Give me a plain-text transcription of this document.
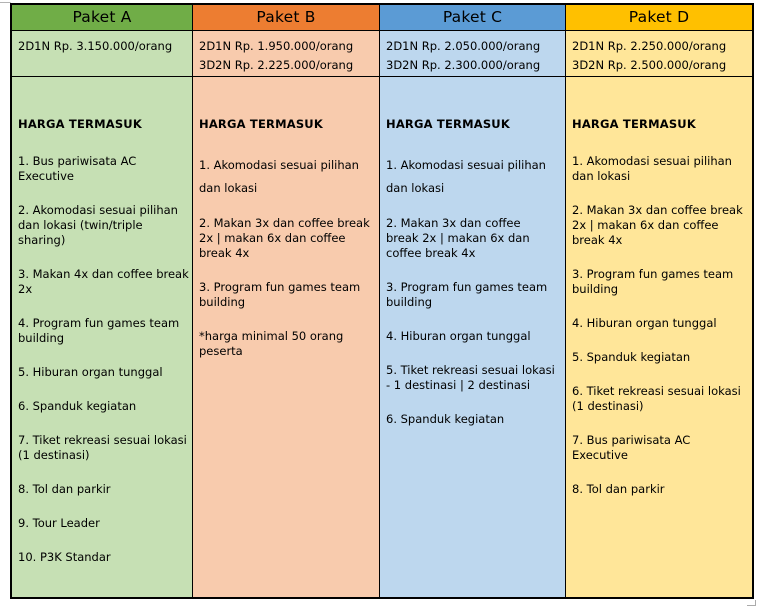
Paket A
2D1N Rp. 3.150.000/orang
HARGA TERMASUK

1. Bus pariwisata AC Executive

2. Akomodasi sesuai pilihan dan lokasi (twin/triple sharing)

3. Makan 4x dan coffee break 2x

4. Program fun games team building

5. Hiburan organ tunggal

6. Spanduk kegiatan

7. Tiket rekreasi sesuai lokasi (1 destinasi)

8. Tol dan parkir

9. Tour Leader

10. P3K Standar

Paket B
2D1N Rp. 1.950.000/orang
3D2N Rp. 2.225.000/orang
HARGA TERMASUK

1. Akomodasi sesuai pilihan dan lokasi

2. Makan 3x dan coffee break 2x | makan 6x dan coffee break 4x

3. Program fun games team building

*harga minimal 50 orang peserta

Paket C
2D1N Rp. 2.050.000/orang
3D2N Rp. 2.300.000/orang
HARGA TERMASUK

1. Akomodasi sesuai pilihan dan lokasi

2. Makan 3x dan coffee break 2x | makan 6x dan coffee break 4x

3. Program fun games team building

4. Hiburan organ tunggal

5. Tiket rekreasi sesuai lokasi - 1 destinasi | 2 destinasi

6. Spanduk kegiatan

Paket D
2D1N Rp. 2.250.000/orang
3D2N Rp. 2.500.000/orang
HARGA TERMASUK

1. Akomodasi sesuai pilihan dan lokasi

2. Makan 3x dan coffee break 2x | makan 6x dan coffee break 4x

3. Program fun games team building

4. Hiburan organ tunggal

5. Spanduk kegiatan

6. Tiket rekreasi sesuai lokasi (1 destinasi)

7. Bus pariwisata AC Executive

8. Tol dan parkir
